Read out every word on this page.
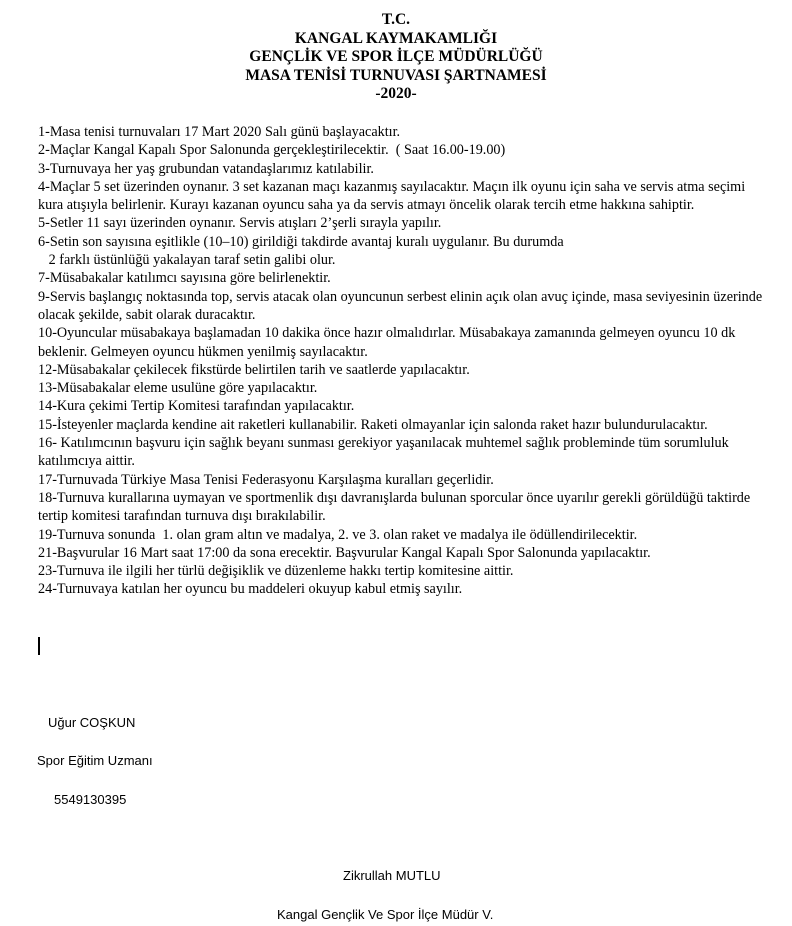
T.C.
KANGAL KAYMAKAMLIĞI
GENÇLİK VE SPOR İLÇE MÜDÜRLÜĞÜ
MASA TENİSİ TURNUVASI ŞARTNAMESİ
-2020-
1-Masa tenisi turnuvaları 17 Mart 2020 Salı günü başlayacaktır.
2-Maçlar Kangal Kapalı Spor Salonunda gerçekleştirilecektir.  ( Saat 16.00-19.00)
3-Turnuvaya her yaş grubundan vatandaşlarımız katılabilir.
4-Maçlar 5 set üzerinden oynanır. 3 set kazanan maçı kazanmış sayılacaktır. Maçın ilk oyunu için saha ve servis atma seçimi kura atışıyla belirlenir. Kurayı kazanan oyuncu saha ya da servis atmayı öncelik olarak tercih etme hakkına sahiptir.
5-Setler 11 sayı üzerinden oynanır. Servis atışları 2’şerli sırayla yapılır.
6-Setin son sayısına eşitlikle (10–10) girildiği takdirde avantaj kuralı uygulanır. Bu durumda
2 farklı üstünlüğü yakalayan taraf setin galibi olur.
7-Müsabakalar katılımcı sayısına göre belirlenektir.
9-Servis başlangıç noktasında top, servis atacak olan oyuncunun serbest elinin açık olan avuç içinde, masa seviyesinin üzerinde olacak şekilde, sabit olarak duracaktır.
10-Oyuncular müsabakaya başlamadan 10 dakika önce hazır olmalıdırlar. Müsabakaya zamanında gelmeyen oyuncu 10 dk beklenir. Gelmeyen oyuncu hükmen yenilmiş sayılacaktır.
12-Müsabakalar çekilecek fikstürde belirtilen tarih ve saatlerde yapılacaktır.
13-Müsabakalar eleme usulüne göre yapılacaktır.
14-Kura çekimi Tertip Komitesi tarafından yapılacaktır.
15-İsteyenler maçlarda kendine ait raketleri kullanabilir. Raketi olmayanlar için salonda raket hazır bulundurulacaktır.
16- Katılımcının başvuru için sağlık beyanı sunması gerekiyor yaşanılacak muhtemel sağlık probleminde tüm sorumluluk katılımcıya aittir.
17-Turnuvada Türkiye Masa Tenisi Federasyonu Karşılaşma kuralları geçerlidir.
18-Turnuva kurallarına uymayan ve sportmenlik dışı davranışlarda bulunan sporcular önce uyarılır gerekli görüldüğü taktirde tertip komitesi tarafından turnuva dışı bırakılabilir.
19-Turnuva sonunda  1. olan gram altın ve madalya, 2. ve 3. olan raket ve madalya ile ödüllendirilecektir.
21-Başvurular 16 Mart saat 17:00 da sona erecektir. Başvurular Kangal Kapalı Spor Salonunda yapılacaktır.
23-Turnuva ile ilgili her türlü değişiklik ve düzenleme hakkı tertip komitesine aittir.
24-Turnuvaya katılan her oyuncu bu maddeleri okuyup kabul etmiş sayılır.
Uğur COŞKUN
Spor Eğitim Uzmanı
5549130395
Zikrullah MUTLU
Kangal Gençlik Ve Spor İlçe Müdür V.
